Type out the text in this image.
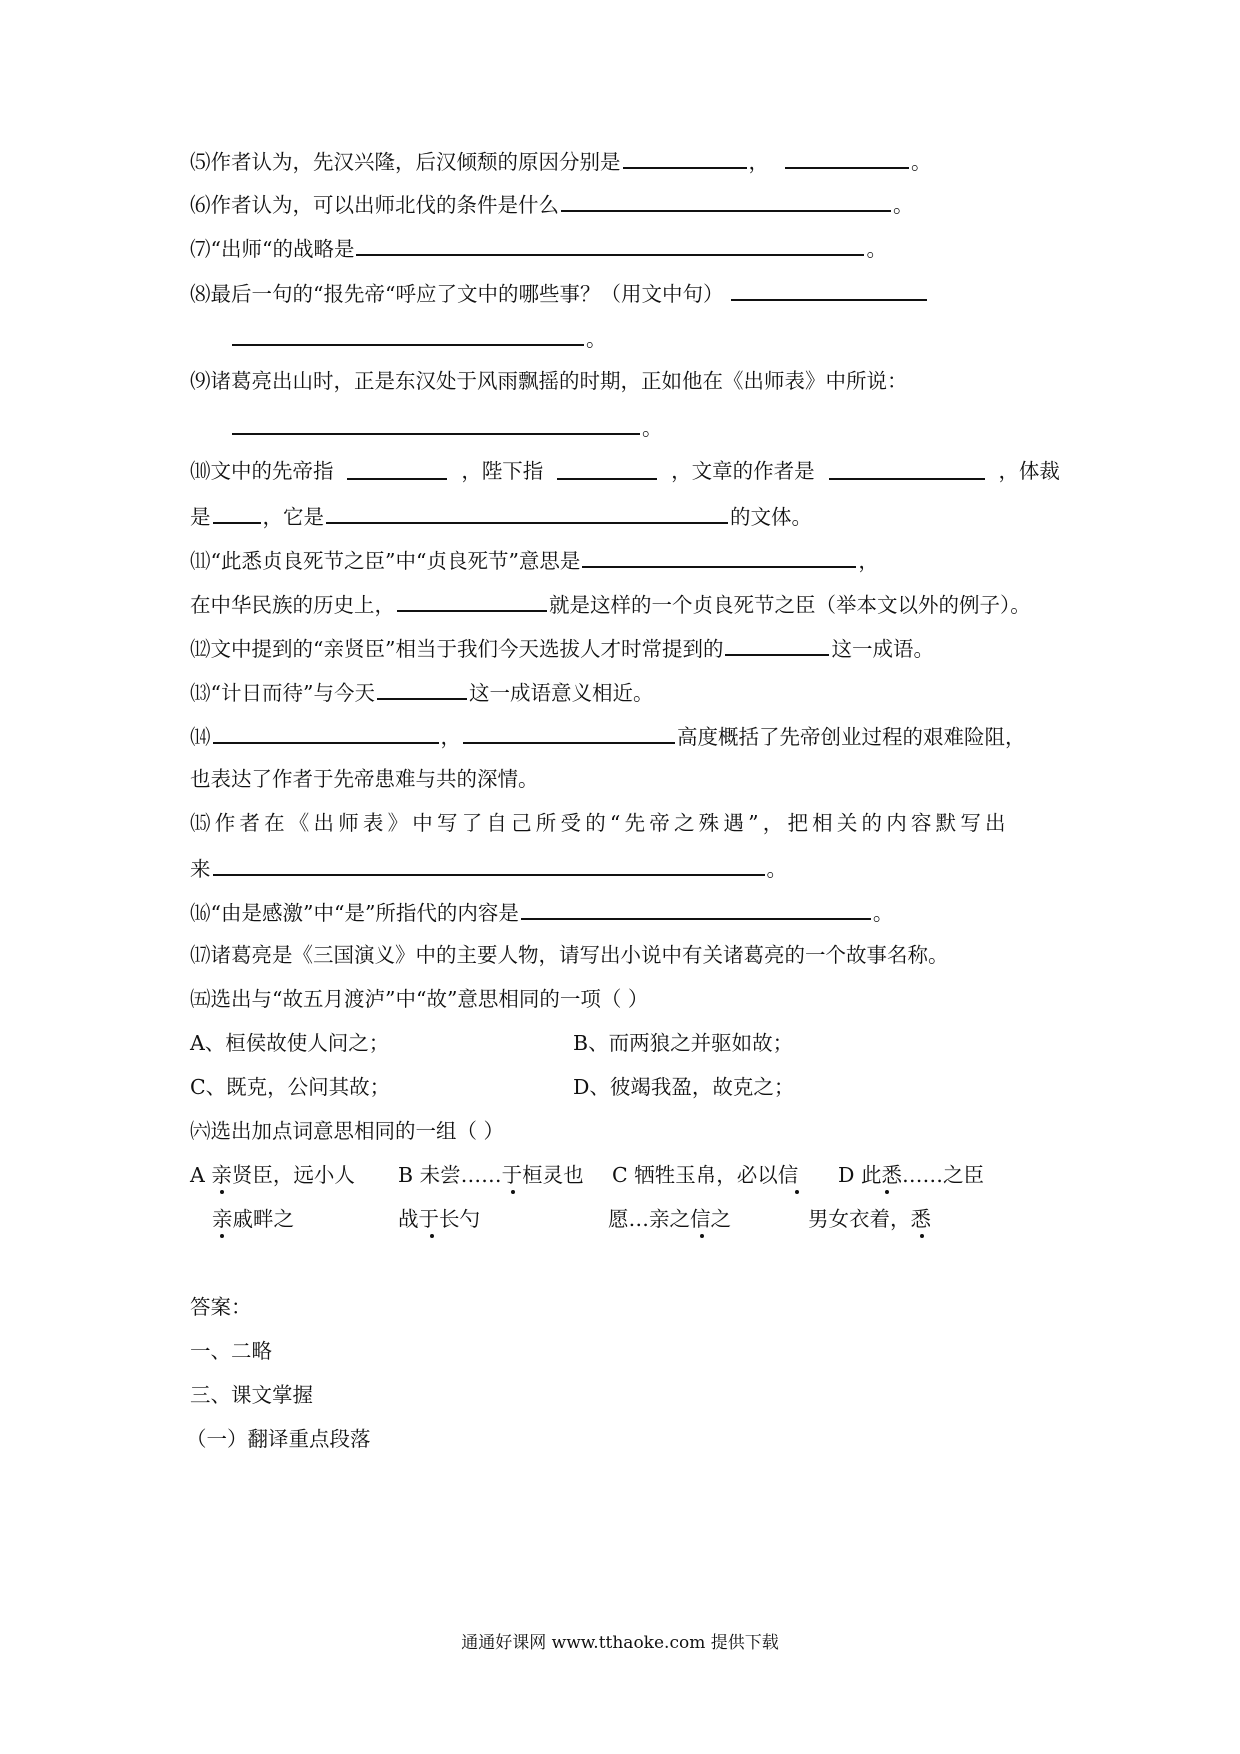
⑸作者认为，先汉兴隆，后汉倾颓的原因分别是	，	。
⑹作者认为，可以出师北伐的条件是什么	。
⑺“出师“的战略是	。
⑻最后一句的“报先帝“呼应了文中的哪些事？（用文中句）
。
⑼诸葛亮出山时，正是东汉处于风雨飘摇的时期，正如他在《出师表》中所说：
。
⑽文中的先帝指	，陛下指	，文章的作者是	，体裁
是	，它是	的文体。
⑾“此悉贞良死节之臣”中“贞良死节”意思是	，
在中华民族的历史上，	就是这样的一个贞良死节之臣（举本文以外的例子）。
⑿文中提到的“亲贤臣”相当于我们今天选拔人才时常提到的	这一成语。
⒀“计日而待”与今天	这一成语意义相近。
⒁	，	高度概括了先帝创业过程的艰难险阻，
也表达了作者于先帝患难与共的深情。
⒂作者在《出师表》中写了自己所受的“先帝之殊遇”，把相关的内容默写出
来	。
⒃“由是感激”中“是”所指代的内容是	。
⒄诸葛亮是《三国演义》中的主要人物，请写出小说中有关诸葛亮的一个故事名称。
㈤选出与“故五月渡泸”中“故”意思相同的一项（ ）
A、桓侯故使人问之；	B、而两狼之并驱如故；
C、既克，公问其故；	D、彼竭我盈，故克之；
㈥选出加点词意思相同的一组（ ）
A 亲贤臣，远小人 B 未尝……于桓灵也 C 牺牲玉帛，必以信 D 此悉……之臣
亲戚畔之	战于长勺	愿…亲之信之	男女衣着，悉
答案：
一、二略
三、课文掌握
（一）翻译重点段落
通通好课网 www.tthaoke.com 提供下载
